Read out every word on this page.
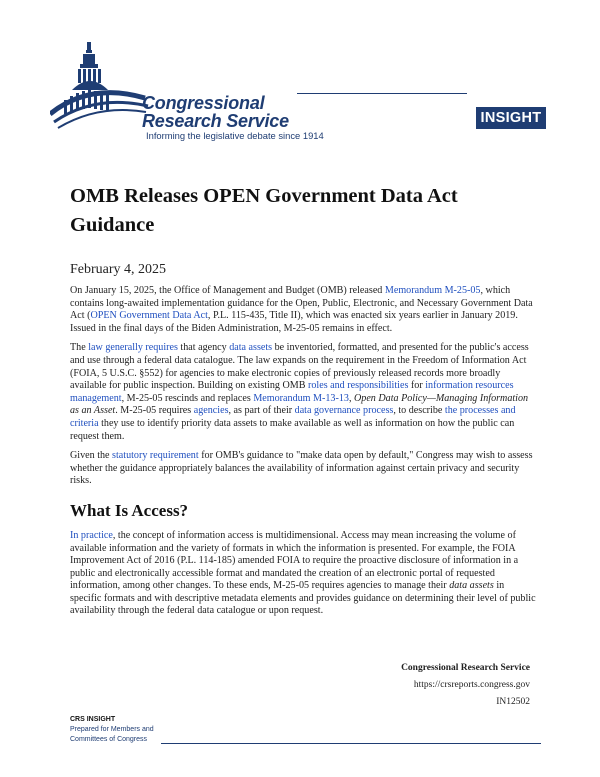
Congressional
Research Service
Informing the legislative debate since 1914
INSIGHT
OMB Releases OPEN Government Data Act Guidance
February 4, 2025

On January 15, 2025, the Office of Management and Budget (OMB) released Memorandum M-25-05, which contains long-awaited implementation guidance for the Open, Public, Electronic, and Necessary Government Data Act (OPEN Government Data Act, P.L. 115-435, Title II), which was enacted six years earlier in January 2019. Issued in the final days of the Biden Administration, M-25-05 remains in effect.

The law generally requires that agency data assets be inventoried, formatted, and presented for the public's access and use through a federal data catalogue. The law expands on the requirement in the Freedom of Information Act (FOIA, 5 U.S.C. §552) for agencies to make electronic copies of previously released records more broadly available for public inspection. Building on existing OMB roles and responsibilities for information resources management, M-25-05 rescinds and replaces Memorandum M-13-13, Open Data Policy—Managing Information as an Asset. M-25-05 requires agencies, as part of their data governance process, to describe the processes and criteria they use to identify priority data assets to make available as well as information on how the public can request them.

Given the statutory requirement for OMB's guidance to "make data open by default," Congress may wish to assess whether the guidance appropriately balances the availability of information against certain privacy and security risks.

What Is Access?

In practice, the concept of information access is multidimensional. Access may mean increasing the volume of available information and the variety of formats in which the information is presented. For example, the FOIA Improvement Act of 2016 (P.L. 114-185) amended FOIA to require the proactive disclosure of information in a public and electronically accessible format and mandated the creation of an electronic portal of requested information, among other changes. To these ends, M-25-05 requires agencies to manage their data assets in specific formats and with descriptive metadata elements and provides guidance on determining their level of public availability through the federal data catalogue or upon request.

Congressional Research Service
https://crsreports.congress.gov
IN12502
CRS INSIGHT
Prepared for Members and
Committees of Congress
